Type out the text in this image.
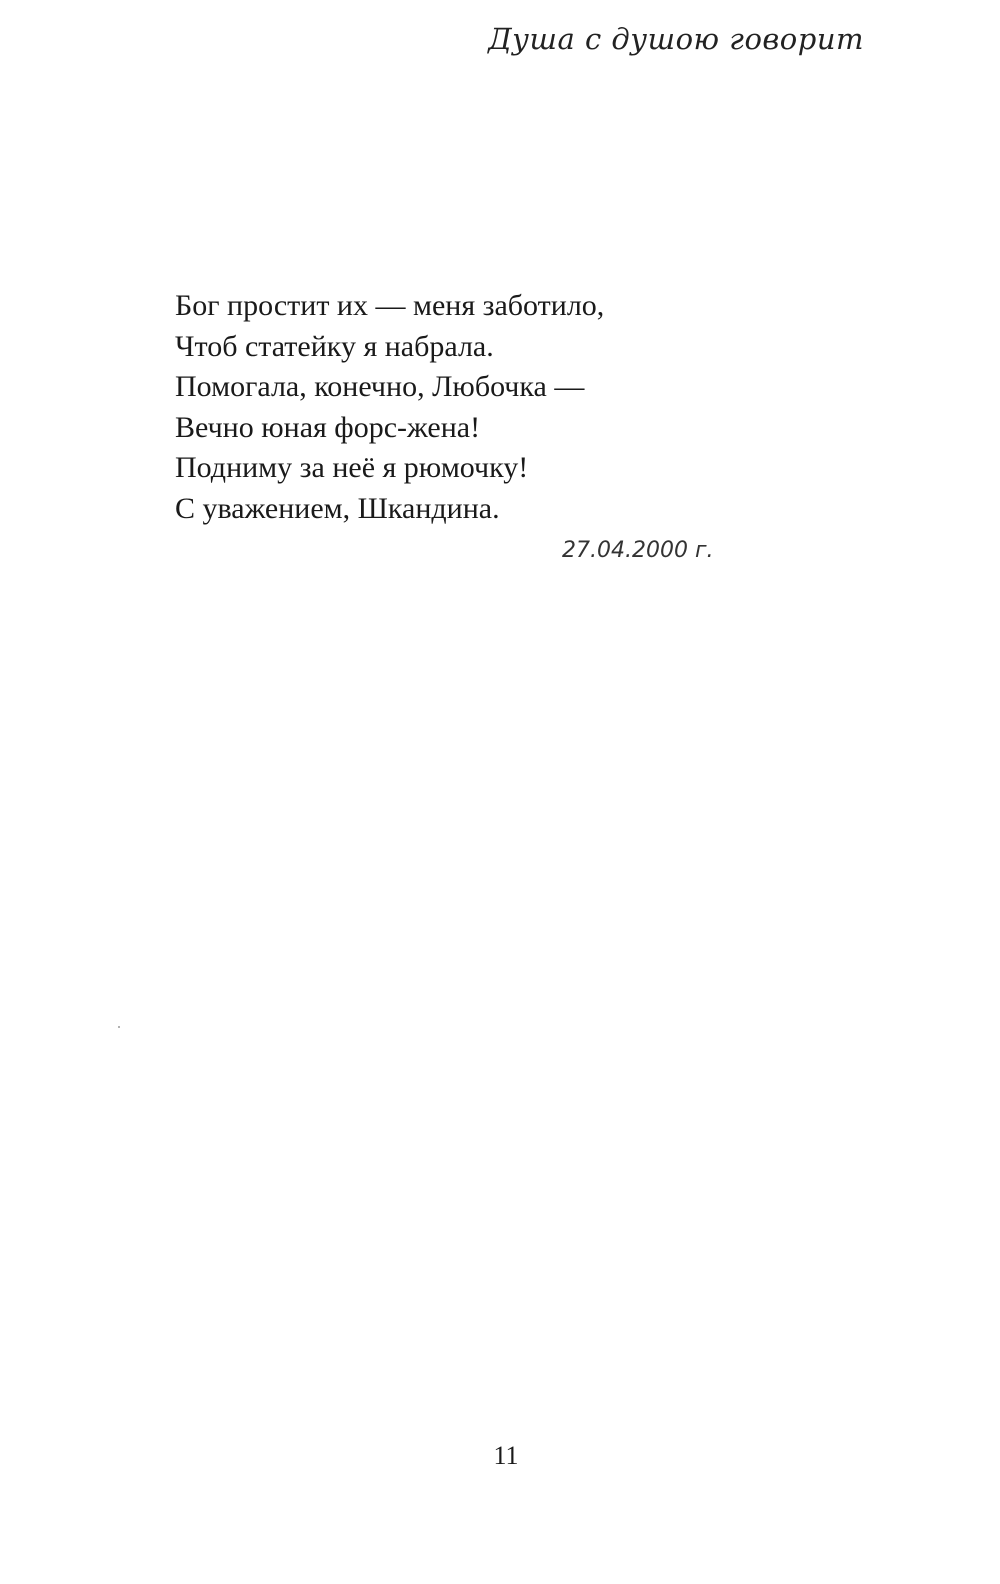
Душа с душою говорит
Бог простит их — меня заботило,
Чтоб статейку я набрала.
Помогала, конечно, Любочка —
Вечно юная форс-жена!
Подниму за неё я рюмочку!
С уважением, Шкандина.
27.04.2000 г.
11
